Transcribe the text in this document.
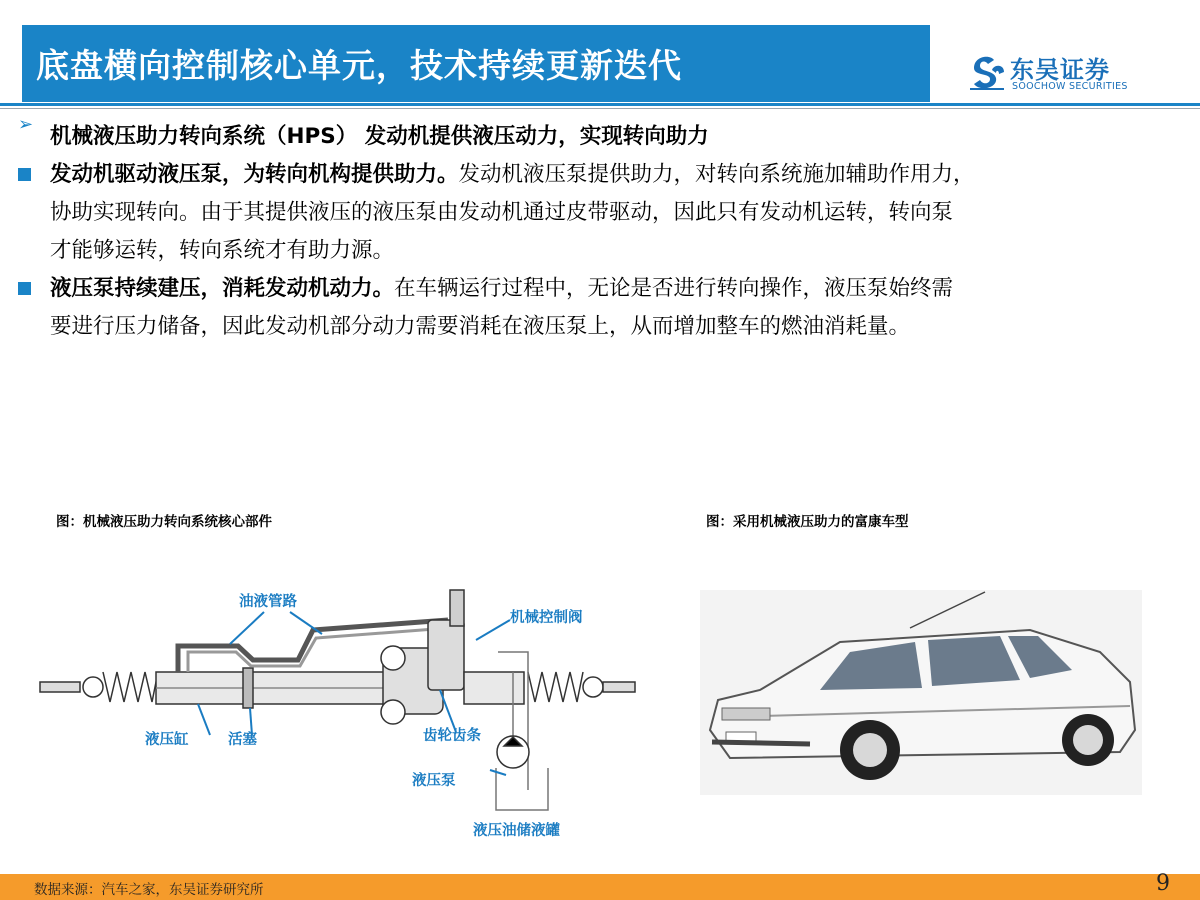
底盘横向控制核心单元，技术持续更新迭代	东吴证券
SOOCHOW SECURITIES
➢ 机械液压助力转向系统（HPS） 发动机提供液压动力，实现转向助力
发动机驱动液压泵，为转向机构提供助力。发动机液压泵提供助力，对转向系统施加辅助作用力，
协助实现转向。由于其提供液压的液压泵由发动机通过皮带驱动，因此只有发动机运转，转向泵
才能够运转，转向系统才有助力源。
液压泵持续建压，消耗发动机动力。在车辆运行过程中，无论是否进行转向操作，液压泵始终需
要进行压力储备，因此发动机部分动力需要消耗在液压泵上，从而增加整车的燃油消耗量。
图：机械液压助力转向系统核心部件	图：采用机械液压助力的富康车型
油液管路
机械控制阀
液压缸	活塞	齿轮齿条
液压泵
液压油储液罐
数据来源：汽车之家，东吴证券研究所	9
